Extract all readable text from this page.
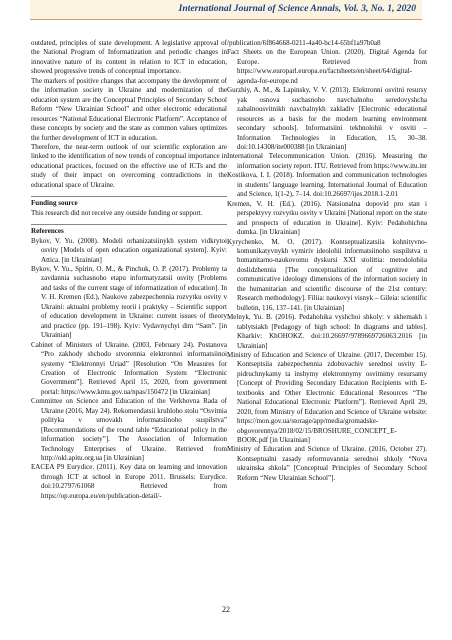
International Journal of Science Annals, Vol. 3, No. 1, 2020

outdated, principles of state development. A legislative approval of the National Program of Informatization and periodic changes in innovative nature of its content in relation to ICT in education, showed progressive trends of conceptual importance.

The markers of positive changes that accompany the development of the information society in Ukraine and modernization of the education system are the Conceptual Principles of Secondary School Reform “New Ukrainian School” and other electronic educational resources “National Educational Electronic Platform”. Acceptance of these concepts by society and the state as common values optimizes the further development of ICT in education.

Therefore, the near-term outlook of our scientific exploration are linked to the identification of new trends of conceptual importance in educational practices, focused on the effective use of ICTs and the study of their impact on overcoming contradictions in the educational space of Ukraine.

Funding source

This research did not receive any outside funding or support.

References

Bykov, V. Yu. (2008). Modeli orhanizatsiinykh system vidkrytoi osvity [Models of open education organizational system]. Kyiv: Attica. [in Ukrainian]

Bykov, V. Yu., Spirin, O. M., & Pinchuk, O. P. (2017). Problemy ta zavdannia suchasnoho etapu informatyzatsii osvity [Problems and tasks of the current stage of informatization of education]. In V. H. Kremen (Ed.), Naukove zabezpechennia rozvytku osvity v Ukraini: aktualni problemy teorii i praktyky – Scientific support of education development in Ukraine: current issues of theory and practice (pp. 191–198). Kyiv: Vydavnychyi dim “Sam”. [in Ukrainian]

Cabinet of Ministers of Ukraine. (2003, February 24). Postanova “Pro zakhody shchodo stvorennia elektronnoi informatsiinoi systemy “Elektronnyi Uriad” [Resolution “On Measures for Creation of Electronic Information System “Electronic Government”]. Retrieved April 15, 2020, from government portal: https://www.kmu.gov.ua/npas/150472 [in Ukrainian]

Committee on Science and Education of the Verkhovna Rada of Ukraine (2016, May 24). Rekomendatsii kruhloho stolu “Osvitnia polityka v umovakh informatsiinoho suspilstva” [Recommendations of the round table “Educational policy in the information society”]. The Association of Information Technology Enterprises of Ukraine. Retrieved from http://okl.apitu.org.ua [in Ukrainian]

EACEA P9 Eurydice. (2011). Key data on learning and innovation through ICT at school in Europe 2011. Brussels: Eurydice. doi:10.2797/61068 Retrieved from https://op.europa.eu/en/publication-detail/-

/publication/6f864668-0211-4a40-bc14-65bf1a97b0a8

Fact Sheets on the European Union. (2020). Digital Agenda for Europe. Retrieved from https://www.europarl.europa.eu/factsheets/en/sheet/64/digital-agenda-for-europe.nd

Gurzhiy, A. M., & Lapinsky, V. V. (2013). Elektronni osvitni resursy yak osnova suchasnoho navchalnoho seredovyshcha zahalnoosvitnikh navchalnykh zakladiv [Electronic educational resources as a basis for the modern learning environment secondary schools]. Informatsiini tekhnolohii v osviti – Information Technologies in Education, 15, 30–38. doi:10.14308/ite000388 [in Ukrainian]

International Telecommunication Union. (2016). Measuring the information society report. ITU. Retrieved from https://www.itu.int

Kostikova, I. I. (2018). Information and communication technologies in students’ language learning. International Journal of Education and Science, 1(1-2), 7–14. doi:10.26697/ijes.2018.1-2.01

Kremen, V. H. (Ed.). (2016). Natsionalna dopovid pro stan i perspektyvy rozvytku osvity v Ukraini [National report on the state and prospects of education in Ukraine]. Kyiv: Pedahohichna dumka. [in Ukrainian]

Kyrychenko, M. O. (2017). Kontseptualizatsiia kohnityvno-komunikatyvnykh vymiriv ideolohii informatsiinoho suspilstva u humanitarno-naukovomu dyskursi XXI stolittia: metodolohiia doslidzhennia [The conceptualization of cognitive and communicative ideology dimensions of the information society in the humanitarian and scientific discourse of the 21st century: Research methodology]. Filiia: naukovyi visnyk – Gileia: scientific bulletin, 116, 137–141. [in Ukrainian]

Melnyk, Yu. B. (2016). Pedahohika vyshchoi shkoly: v skhemakh i tablytsiakh [Pedagogy of high school: In diagrams and tables]. Kharkiv: KhOHOKZ. doi:10.26697/9789669726063.2016 [in Ukrainian]

Ministry of Education and Science of Ukraine. (2017, December 15). Kontseptsiia zabezpechennia zdobuvachiv serednoi osvity E-pidruchnykamy ta inshymy elektronnymy osvitnimy resursamy [Concept of Providing Secondary Education Recipients with E-textbooks and Other Electronic Educational Resources “The National Educational Electronic Platform”]. Retrieved April 29, 2020, from Ministry of Education and Science of Ukraine website: https://mon.gov.ua/storage/app/media/gromadske-obgovorennya/2018/02/15/BROSHURE_CONCEPT_E-BOOK.pdf [in Ukrainian]

Ministry of Education and Science of Ukraine. (2016, October 27). Kontseptualni zasady reformuvannia serednoi shkoly “Nova ukrainska shkola” [Conceptual Principles of Secondary School Reform “New Ukrainian School”].

22
